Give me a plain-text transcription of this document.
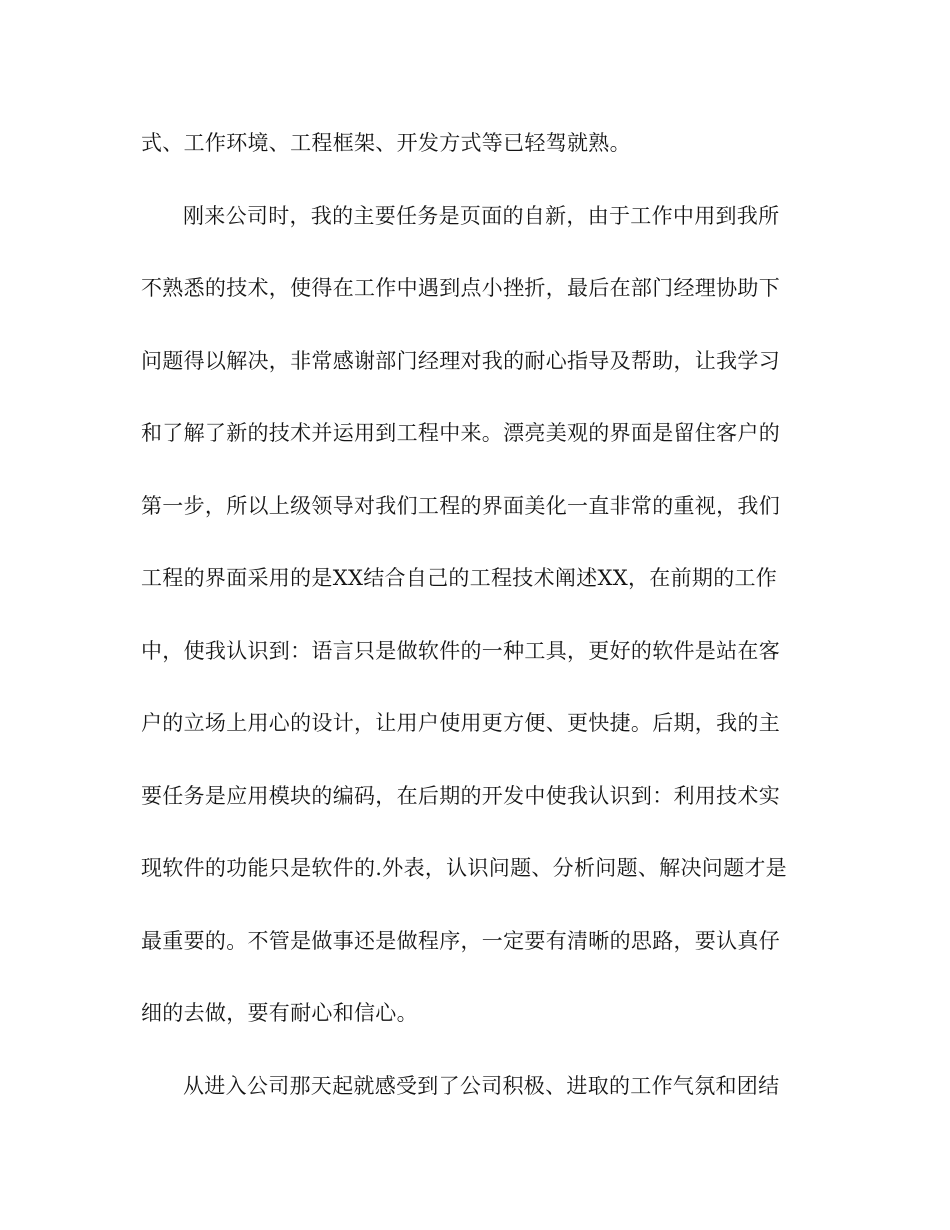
式、工作环境、工程框架、开发方式等已轻驾就熟。
刚来公司时，我的主要任务是页面的自新，由于工作中用到我所
不熟悉的技术，使得在工作中遇到点小挫折，最后在部门经理协助下
问题得以解决，非常感谢部门经理对我的耐心指导及帮助，让我学习
和了解了新的技术并运用到工程中来。漂亮美观的界面是留住客户的
第一步，所以上级领导对我们工程的界面美化一直非常的重视，我们
工程的界面采用的是XX结合自己的工程技术阐述XX，在前期的工作
中，使我认识到：语言只是做软件的一种工具，更好的软件是站在客
户的立场上用心的设计，让用户使用更方便、更快捷。后期，我的主
要任务是应用模块的编码，在后期的开发中使我认识到：利用技术实
现软件的功能只是软件的.外表，认识问题、分析问题、解决问题才是
最重要的。不管是做事还是做程序，一定要有清晰的思路，要认真仔
细的去做，要有耐心和信心。
从进入公司那天起就感受到了公司积极、进取的工作气氛和团结
